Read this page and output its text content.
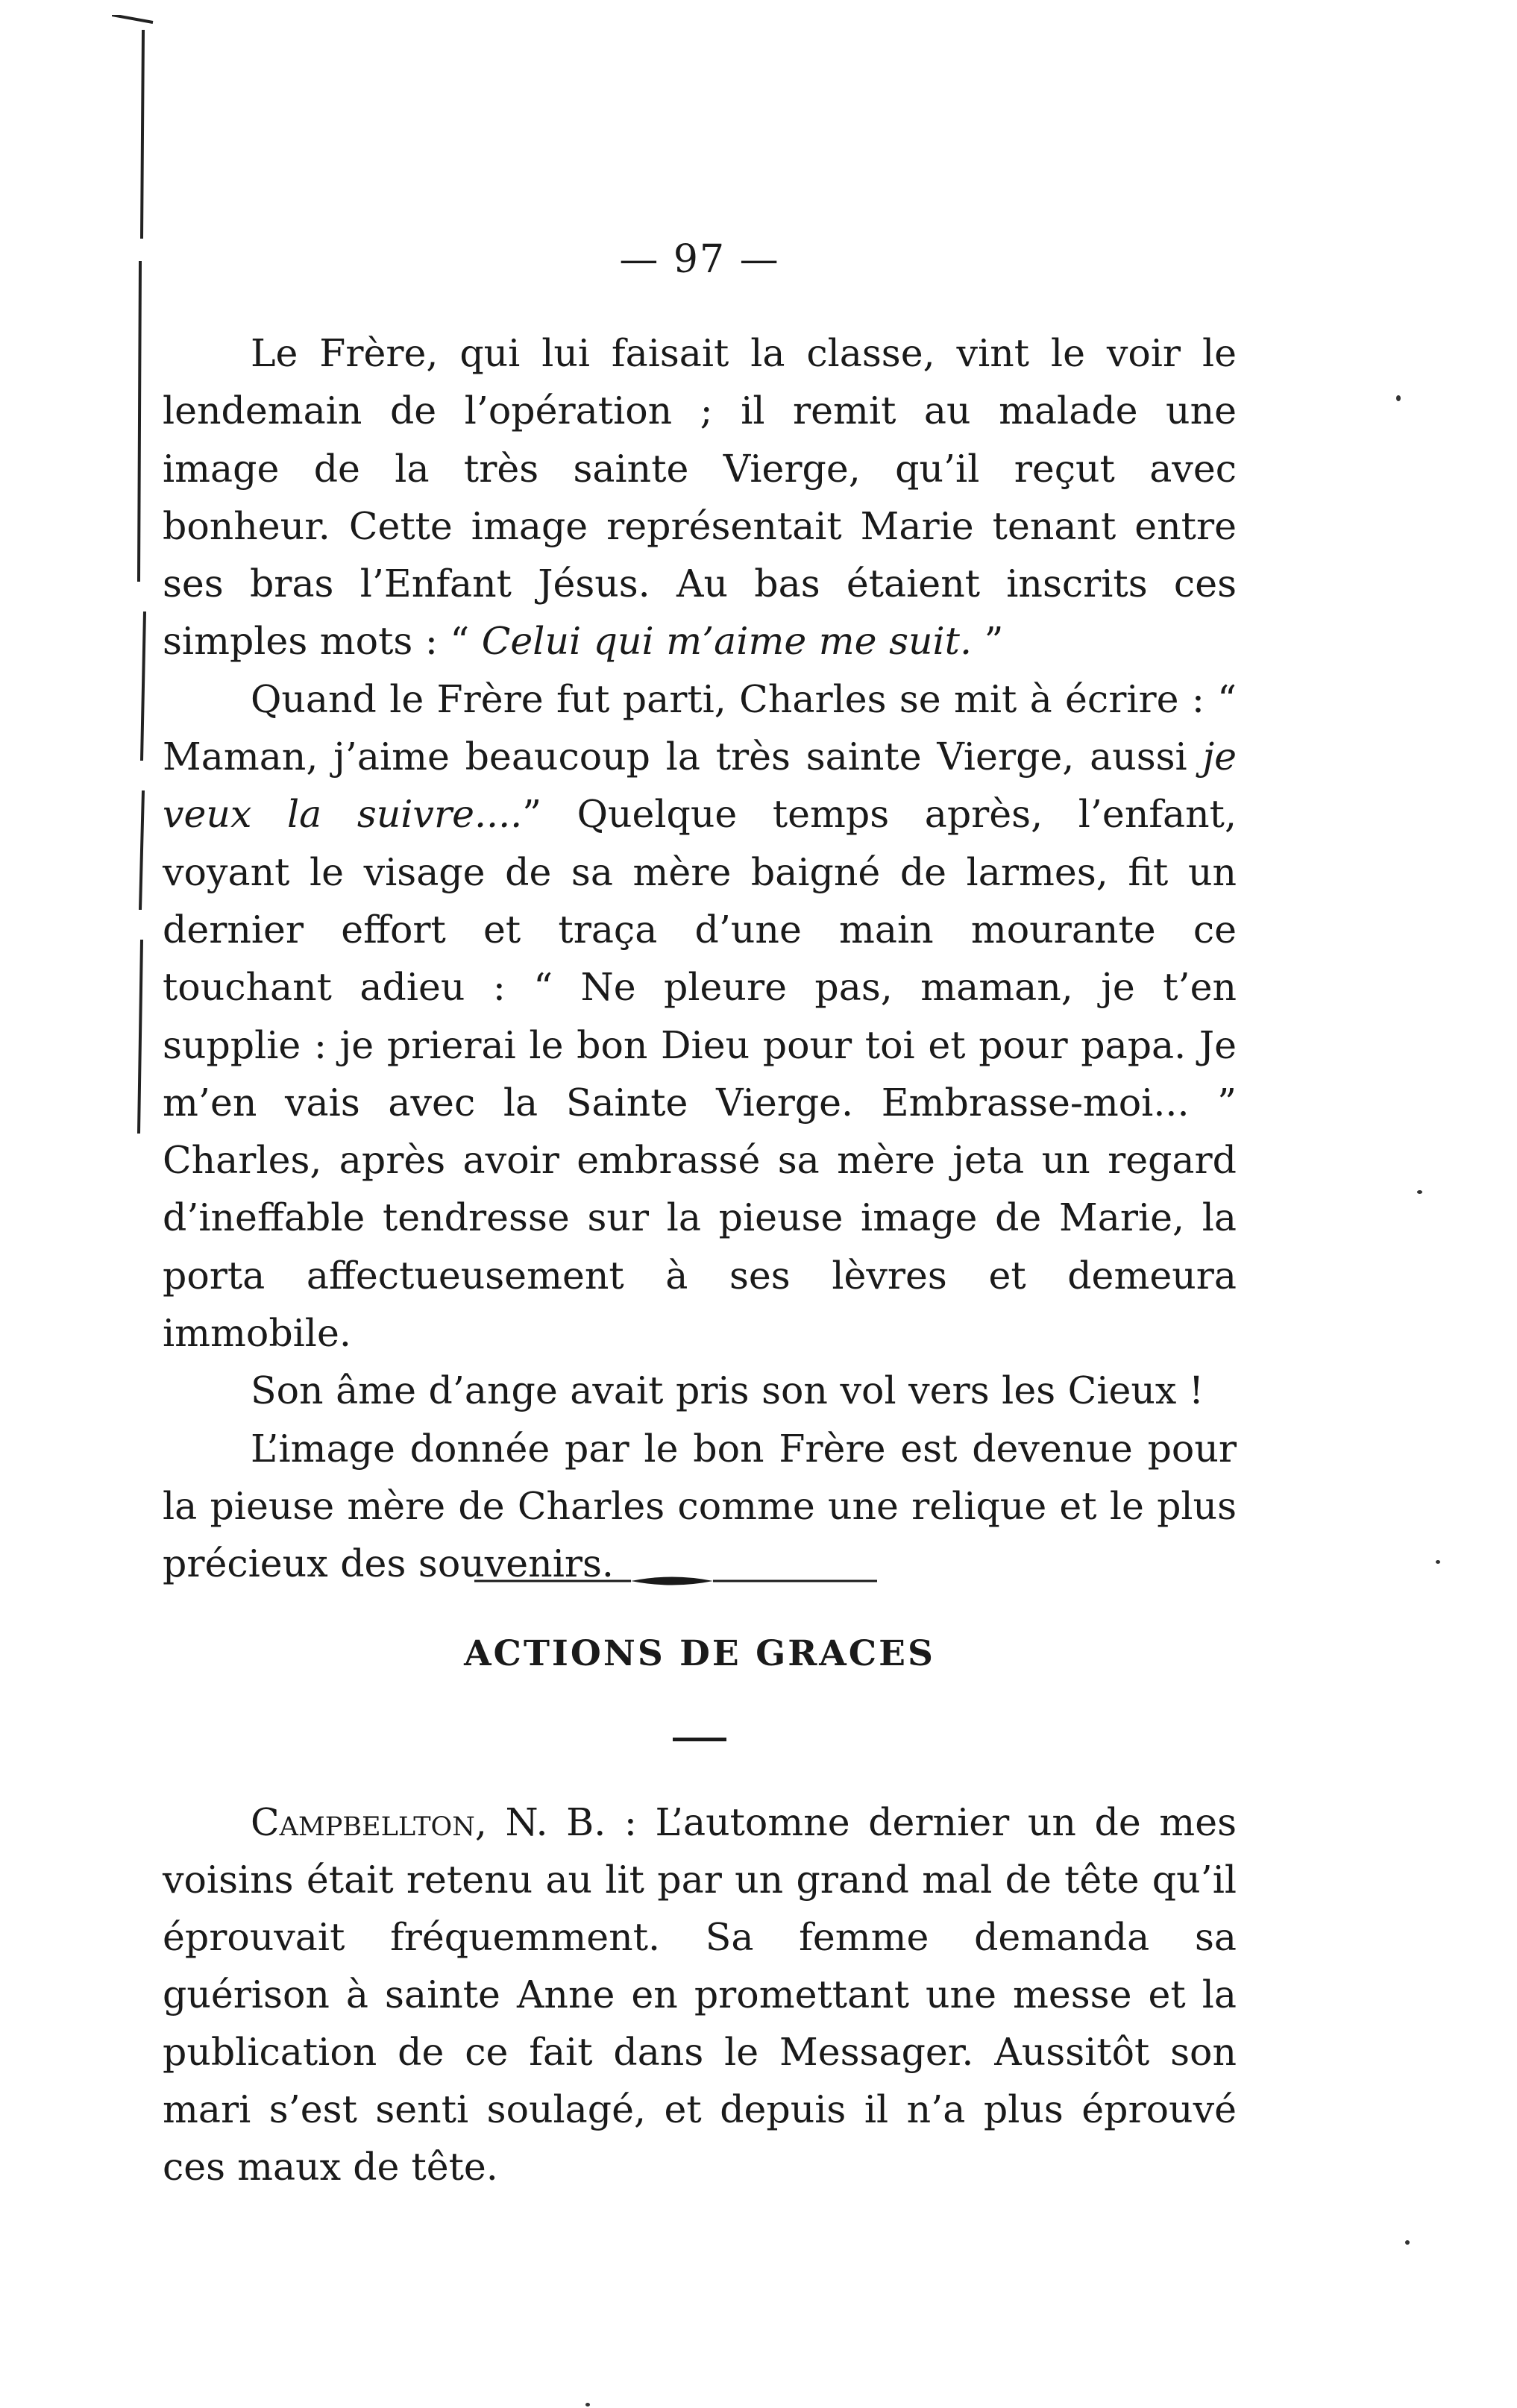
— 97 —

Le Frère, qui lui faisait la classe, vint le voir le lendemain de l’opération ; il remit au malade une image de la très sainte Vierge, qu’il reçut avec bonheur. Cette image représentait Marie tenant entre ses bras l’Enfant Jésus. Au bas étaient inscrits ces simples mots : “ Celui qui m’aime me suit. ”

Quand le Frère fut parti, Charles se mit à écrire : “ Maman, j’aime beaucoup la très sainte Vierge, aussi je veux la suivre....” Quelque temps après, l’enfant, voyant le visage de sa mère baigné de larmes, fit un dernier effort et traça d’une main mourante ce touchant adieu : “ Ne pleure pas, maman, je t’en supplie : je prierai le bon Dieu pour toi et pour papa. Je m’en vais avec la Sainte Vierge. Embrasse-moi... ” Charles, après avoir embrassé sa mère jeta un regard d’ineffable tendresse sur la pieuse image de Marie, la porta affectueusement à ses lèvres et demeura immobile.

Son âme d’ange avait pris son vol vers les Cieux !

L’image donnée par le bon Frère est devenue pour la pieuse mère de Charles comme une relique et le plus précieux des souvenirs.

ACTIONS DE GRACES

Campbellton, N. B. : L’automne dernier un de mes voisins était retenu au lit par un grand mal de tête qu’il éprouvait fréquemment. Sa femme demanda sa guérison à sainte Anne en promettant une messe et la publication de ce fait dans le Messager. Aussitôt son mari s’est senti soulagé, et depuis il n’a plus éprouvé ces maux de tête.
